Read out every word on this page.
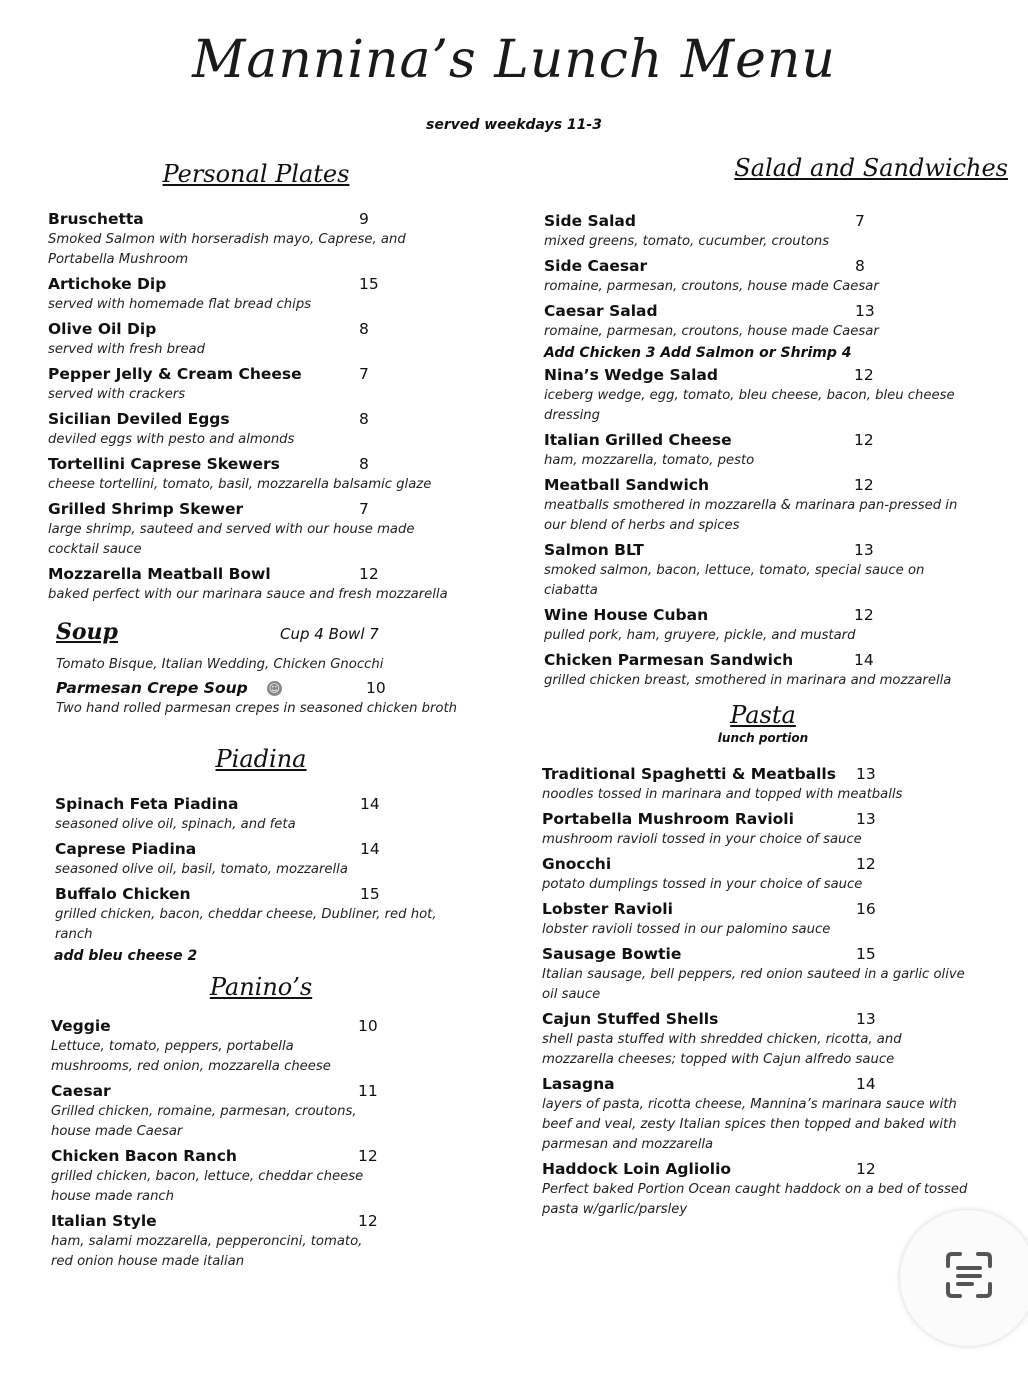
Mannina’s Lunch Menu
served weekdays 11-3
Personal Plates
Bruschetta	9
Smoked Salmon with horseradish mayo, Caprese, and Portabella Mushroom
Artichoke Dip	15
served with homemade flat bread chips
Olive Oil Dip	8
served with fresh bread
Pepper Jelly & Cream Cheese	7
served with crackers
Sicilian Deviled Eggs	8
deviled eggs with pesto and almonds
Tortellini Caprese Skewers	8
cheese tortellini, tomato, basil, mozzarella balsamic glaze
Grilled Shrimp Skewer	7
large shrimp, sauteed and served with our house made cocktail sauce
Mozzarella Meatball Bowl	12
baked perfect with our marinara sauce and fresh mozzarella
Soup	Cup 4 Bowl 7
Tomato Bisque, Italian Wedding, Chicken Gnocchi
Parmesan Crepe Soup ☺	10
Two hand rolled parmesan crepes in seasoned chicken broth
Piadina
Spinach Feta Piadina	14
seasoned olive oil, spinach, and feta
Caprese Piadina	14
seasoned olive oil, basil, tomato, mozzarella
Buffalo Chicken	15
grilled chicken, bacon, cheddar cheese, Dubliner, red hot, ranch
add bleu cheese 2
Panino’s
Veggie	10
Lettuce, tomato, peppers, portabella mushrooms, red onion, mozzarella cheese
Caesar	11
Grilled chicken, romaine, parmesan, croutons, house made Caesar
Chicken Bacon Ranch	12
grilled chicken, bacon, lettuce, cheddar cheese house made ranch
Italian Style	12
ham, salami mozzarella, pepperoncini, tomato, red onion house made italian
Salad and Sandwiches
Side Salad	7
mixed greens, tomato, cucumber, croutons
Side Caesar	8
romaine, parmesan, croutons, house made Caesar
Caesar Salad	13
romaine, parmesan, croutons, house made Caesar
Add Chicken 3 Add Salmon or Shrimp 4
Nina’s Wedge Salad	12
iceberg wedge, egg, tomato, bleu cheese, bacon, bleu cheese dressing
Italian Grilled Cheese	12
ham, mozzarella, tomato, pesto
Meatball Sandwich	12
meatballs smothered in mozzarella & marinara pan-pressed in our blend of herbs and spices
Salmon BLT	13
smoked salmon, bacon, lettuce, tomato, special sauce on ciabatta
Wine House Cuban	12
pulled pork, ham, gruyere, pickle, and mustard
Chicken Parmesan Sandwich	14
grilled chicken breast, smothered in marinara and mozzarella
Pasta
lunch portion
Traditional Spaghetti & Meatballs	13
noodles tossed in marinara and topped with meatballs
Portabella Mushroom Ravioli	13
mushroom ravioli tossed in your choice of sauce
Gnocchi	12
potato dumplings tossed in your choice of sauce
Lobster Ravioli	16
lobster ravioli tossed in our palomino sauce
Sausage Bowtie	15
Italian sausage, bell peppers, red onion sauteed in a garlic olive oil sauce
Cajun Stuffed Shells	13
shell pasta stuffed with shredded chicken, ricotta, and mozzarella cheeses; topped with Cajun alfredo sauce
Lasagna	14
layers of pasta, ricotta cheese, Mannina’s marinara sauce with beef and veal, zesty Italian spices then topped and baked with parmesan and mozzarella
Haddock Loin Agliolio	12
Perfect baked Portion Ocean caught haddock on a bed of tossed pasta w/garlic/parsley
